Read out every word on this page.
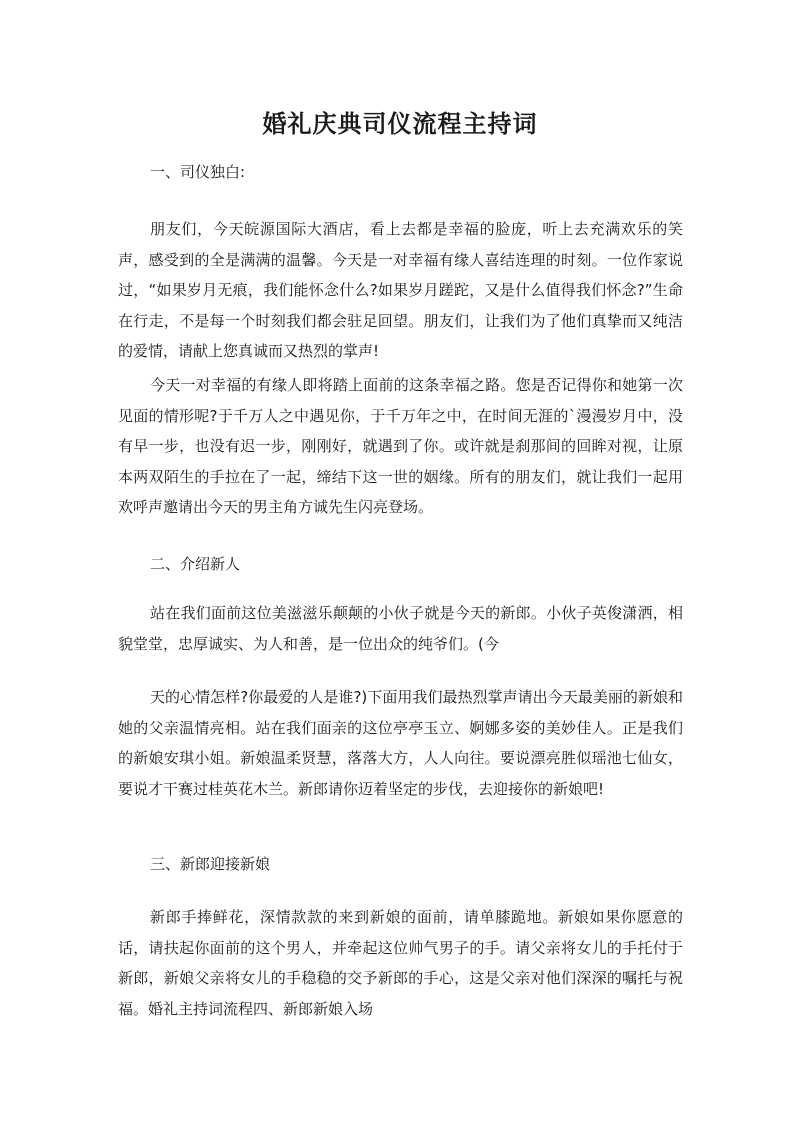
婚礼庆典司仪流程主持词
一、司仪独白:

朋友们，今天皖源国际大酒店，看上去都是幸福的脸庞，听上去充满欢乐的笑声，感受到的全是满满的温馨。今天是一对幸福有缘人喜结连理的时刻。一位作家说过，“如果岁月无痕，我们能怀念什么?如果岁月蹉跎，又是什么值得我们怀念?”生命在行走，不是每一个时刻我们都会驻足回望。朋友们，让我们为了他们真挚而又纯洁的爱情，请献上您真诚而又热烈的掌声!

今天一对幸福的有缘人即将踏上面前的这条幸福之路。您是否记得你和她第一次见面的情形呢?于千万人之中遇见你，于千万年之中，在时间无涯的`漫漫岁月中，没有早一步，也没有迟一步，刚刚好，就遇到了你。或许就是刹那间的回眸对视，让原本两双陌生的手拉在了一起，缔结下这一世的姻缘。所有的朋友们，就让我们一起用欢呼声邀请出今天的男主角方诚先生闪亮登场。

二、介绍新人

站在我们面前这位美滋滋乐颠颠的小伙子就是今天的新郎。小伙子英俊潇洒，相貌堂堂，忠厚诚实、为人和善，是一位出众的纯爷们。(今

天的心情怎样?你最爱的人是谁?)下面用我们最热烈掌声请出今天最美丽的新娘和她的父亲温情亮相。站在我们面亲的这位亭亭玉立、婀娜多姿的美妙佳人。正是我们的新娘安琪小姐。新娘温柔贤慧，落落大方，人人向往。要说漂亮胜似瑶池七仙女，要说才干赛过桂英花木兰。新郎请你迈着坚定的步伐，去迎接你的新娘吧!

三、新郎迎接新娘

新郎手捧鲜花，深情款款的来到新娘的面前，请单膝跪地。新娘如果你愿意的话，请扶起你面前的这个男人，并牵起这位帅气男子的手。请父亲将女儿的手托付于新郎，新娘父亲将女儿的手稳稳的交予新郎的手心，这是父亲对他们深深的嘱托与祝福。婚礼主持词流程四、新郎新娘入场
